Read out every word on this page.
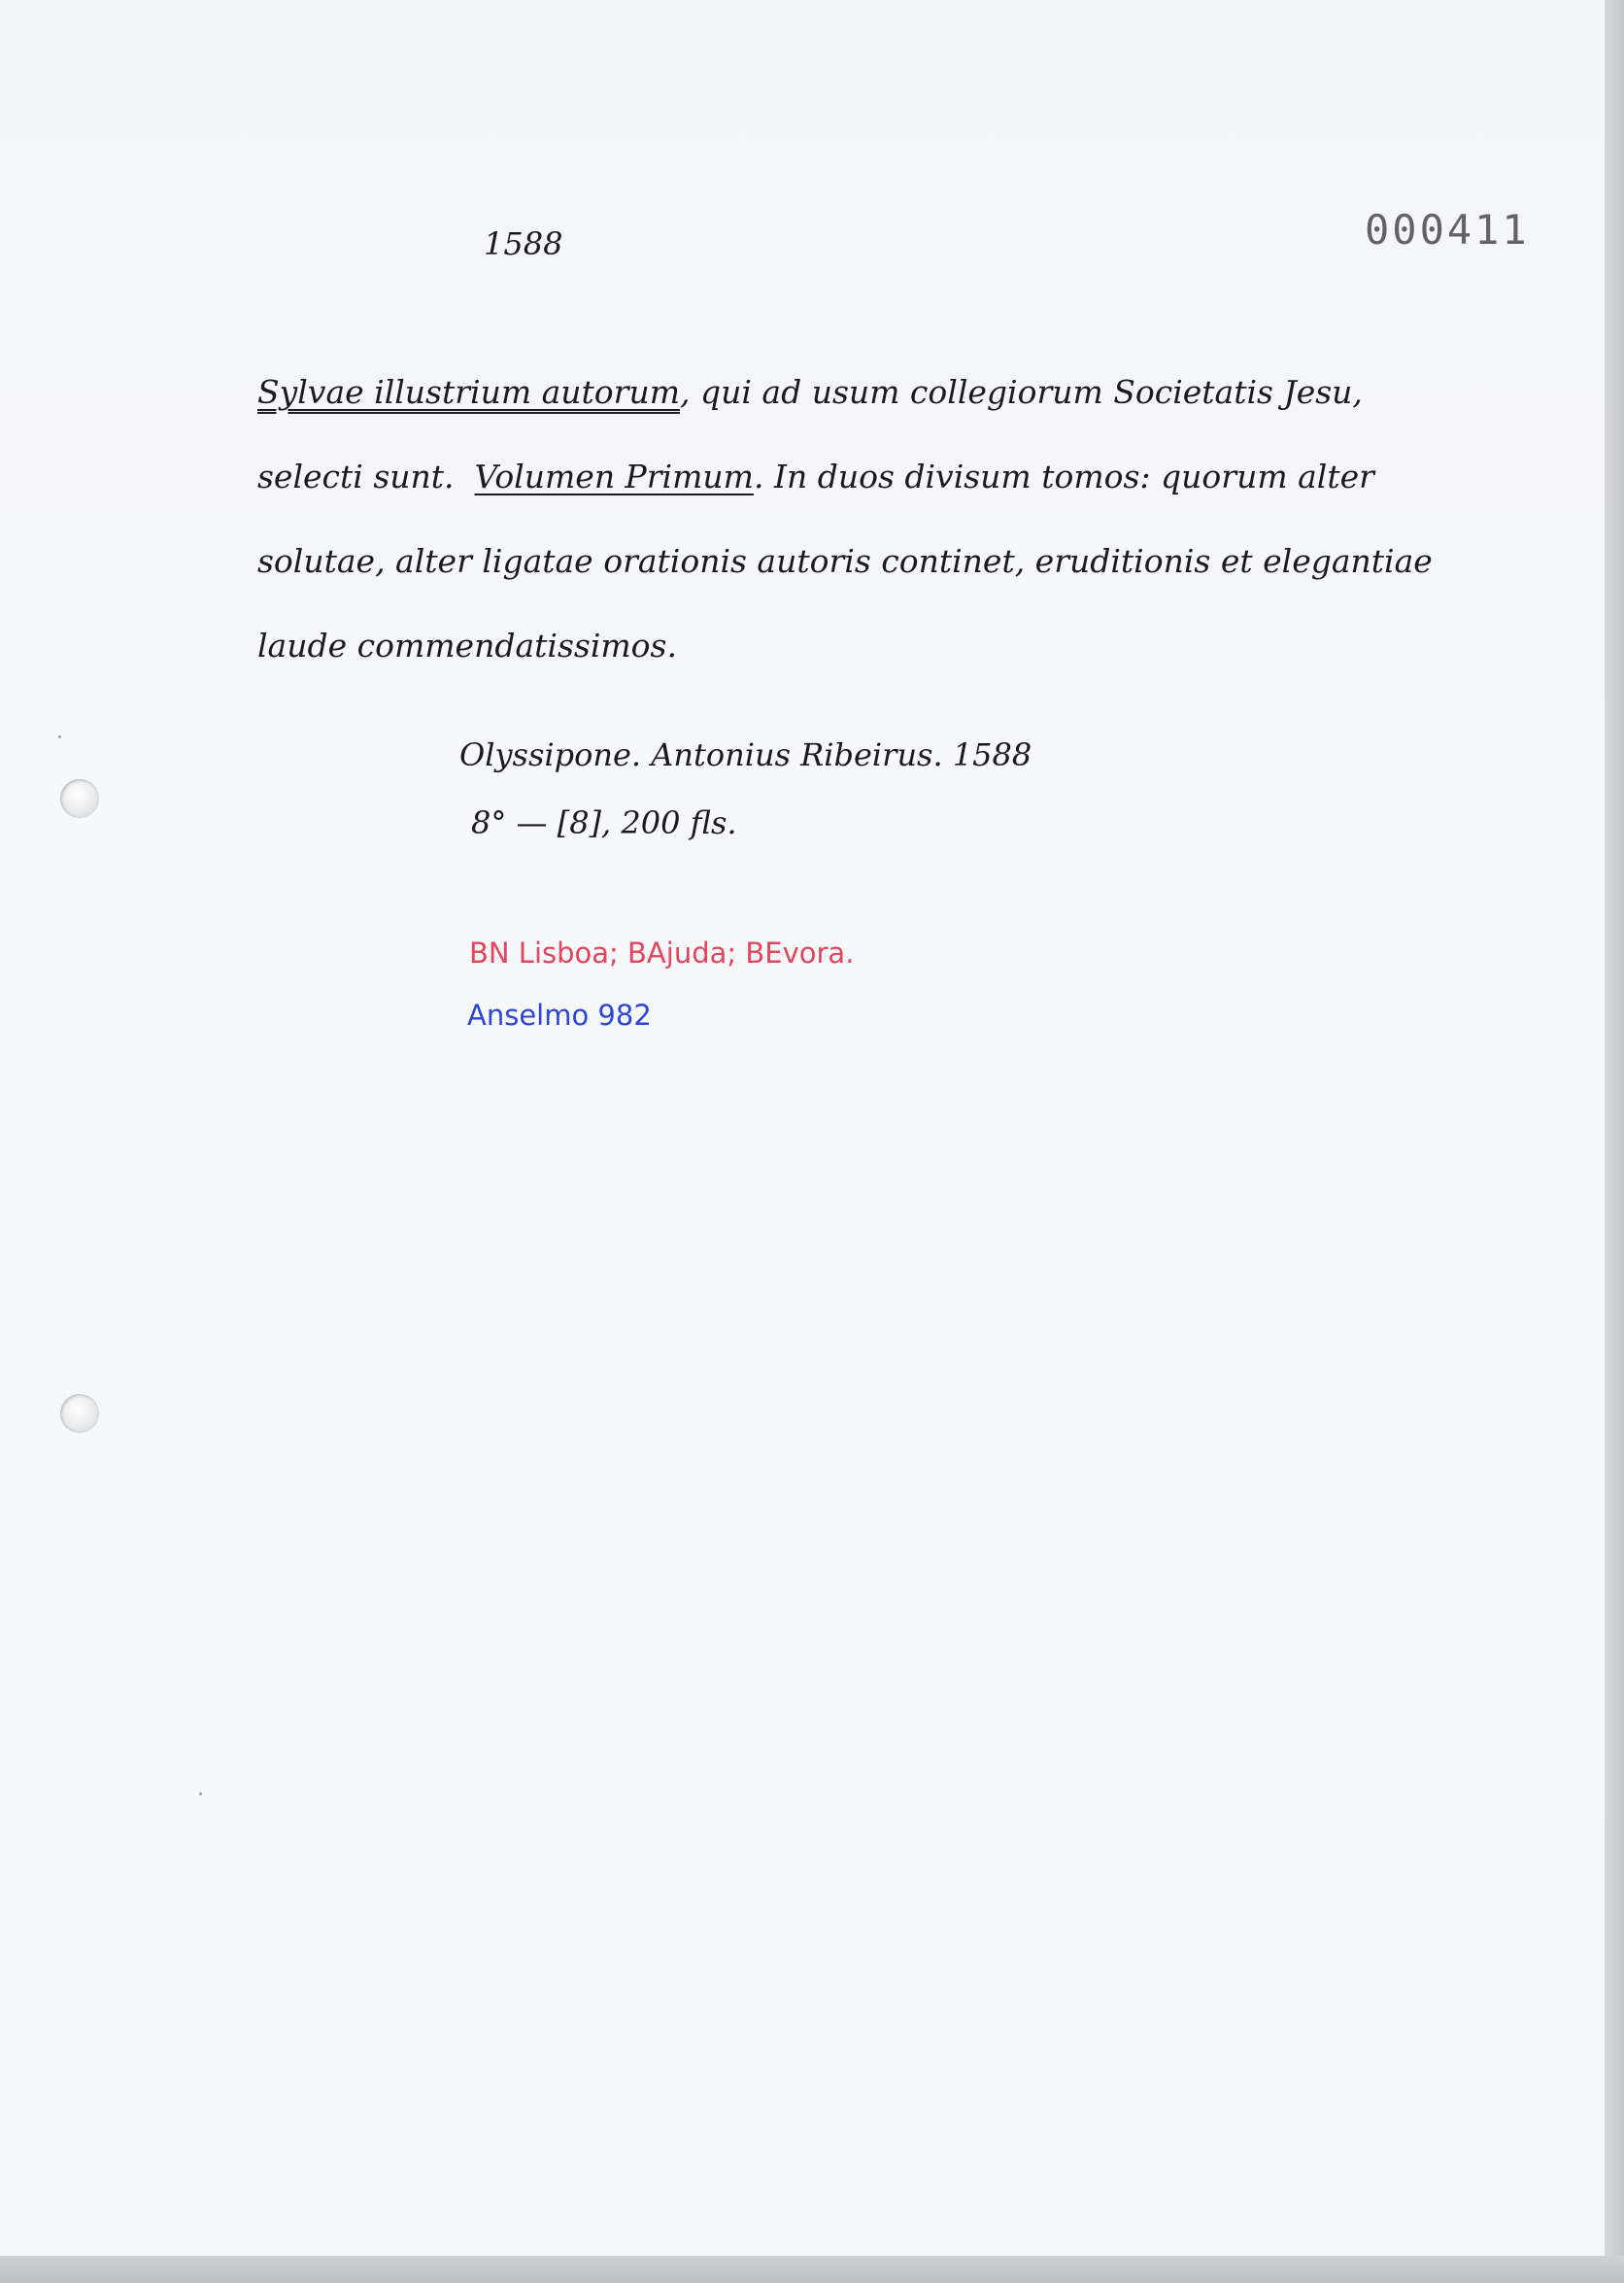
1588	000411
Sylvae illustrium autorum, qui ad usum collegiorum Societatis Jesu,
selecti sunt. Volumen Primum. In duos divisum tomos: quorum alter
solutae, alter ligatae orationis autoris continet, eruditionis et elegantiae
laude commendatissimos.
Olyssipone. Antonius Ribeirus. 1588
8° — [8], 200 fls.
BN Lisboa; BAjuda; BEvora.
Anselmo 982
